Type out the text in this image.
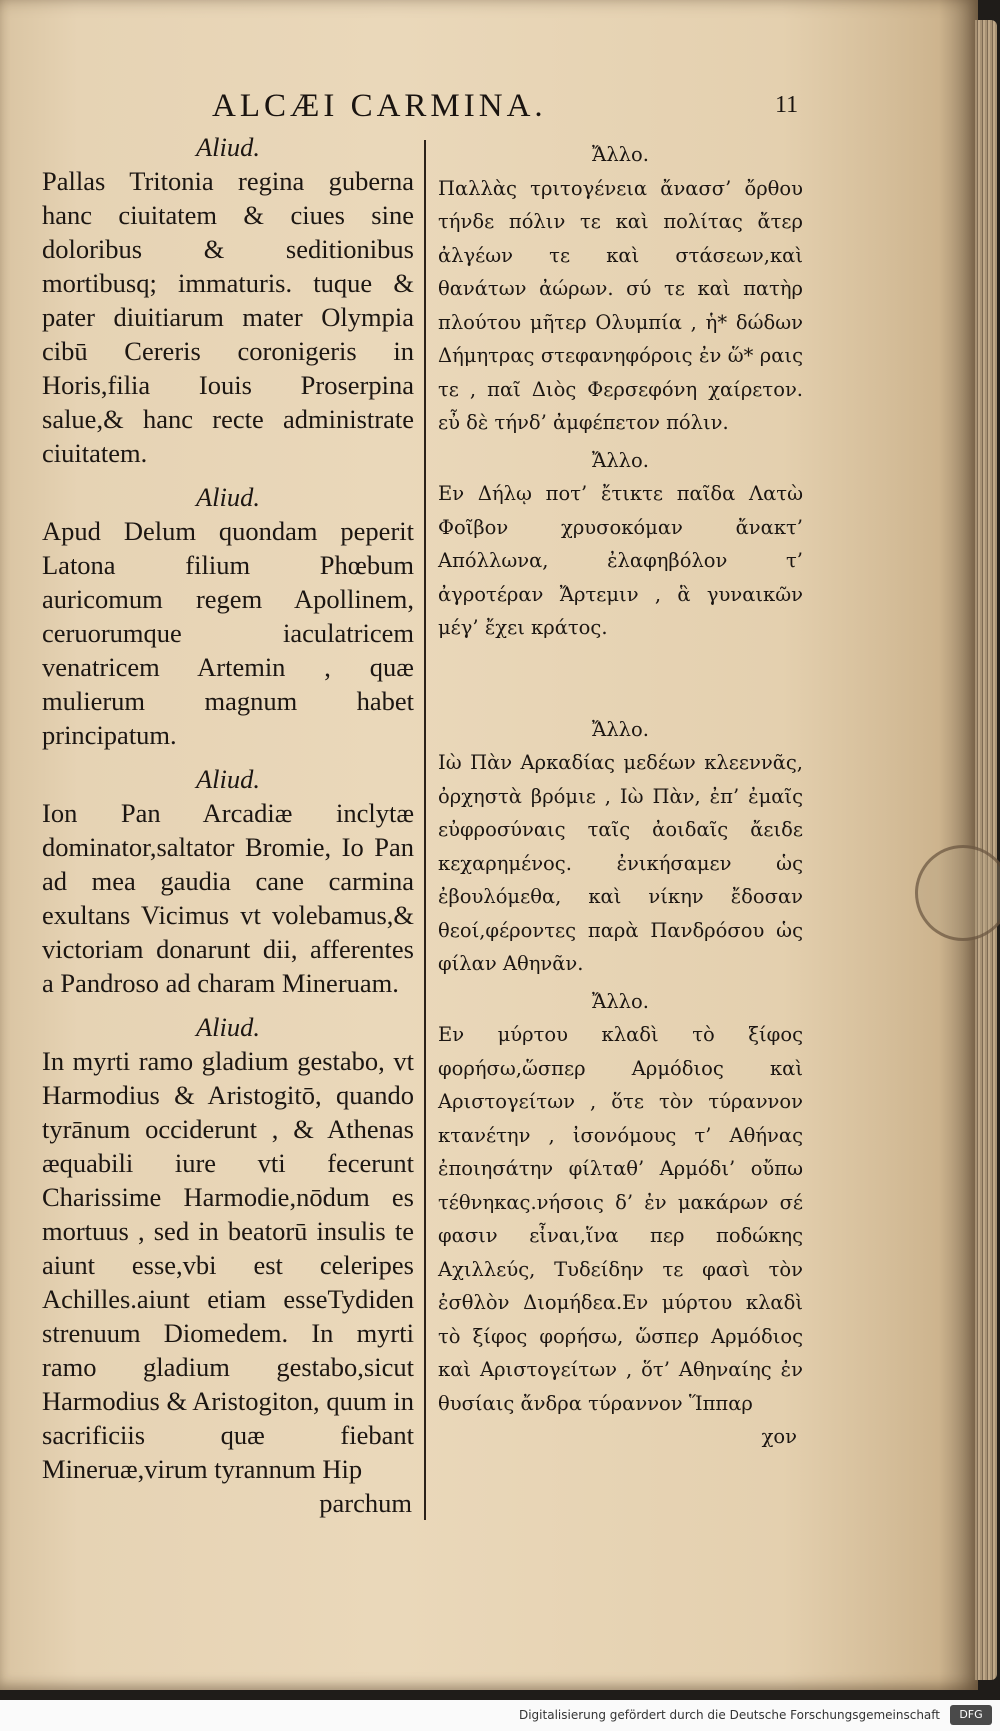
ALCÆI CARMINA.	11
Aliud.
Pallas Tritonia regina guberna hanc ciuitatem & ciues sine doloribus & seditionibus mortibusq; immaturis. tuque & pater diuitiarum mater Olympia cibū Cereris coronigeris in Horis,filia Iouis Proserpina salue,& hanc recte administrate ciuitatem.
Aliud.
Apud Delum quondam peperit Latona filium Phœbum auricomum regem Apollinem, ceruorumque iaculatricem venatricem Artemin , quæ mulierum magnum habet principatum.
Aliud.
Ion Pan Arcadiæ inclytæ dominator,saltator Bromie, Io Pan ad mea gaudia cane carmina exultans Vicimus vt volebamus,& victoriam donarunt dii, afferentes a Pandroso ad charam Mineruam.
Aliud.
In myrti ramo gladium gestabo, vt Harmodius & Aristogitō, quando tyrānum occiderunt , & Athenas æquabili iure vti fecerunt Charissime Harmodie,nōdum es mortuus , sed in beatorū insulis te aiunt esse,vbi est celeripes Achilles.aiunt etiam esseTydiden strenuum Diomedem. In myrti ramo gladium gestabo,sicut Harmodius & Aristogiton, quum in sacrificiis quæ fiebant Mineruæ,virum tyrannum Hip
parchum
Ἄλλο.
Παλλὰς τριτογένεια ἄνασσ’ ὄρθου τήνδε πόλιν τε καὶ πολίτας ἄτερ ἀλγέων τε καὶ στάσεων,καὶ θανάτων ἀώρων. σύ τε καὶ πατὴρ πλούτου μῆτερ Ολυμπία , ἡ* δώδων Δήμητρας στεφανηφόροις ἐν ὥ* ραις τε , παῖ Διὸς Φερσεφόνη χαίρετον. εὖ δὲ τήνδ’ ἀμφέπετον πόλιν.
Ἄλλο.
Εν Δήλῳ ποτ’ ἔτικτε παῖδα Λατὼ Φοῖβον χρυσοκόμαν ἄνακτ’ Απόλλωνα, ἐλαφηβόλον τ’ ἀγροτέραν Ἄρτεμιν , ἃ γυναικῶν μέγ’ ἔχει κράτος.
Ἄλλο.
Ιὼ Πὰν Αρκαδίας μεδέων κλεεννᾶς, ὀρχηστὰ βρόμιε , Ιὼ Πὰν, ἐπ’ ἐμαῖς εὐφροσύναις ταῖς ἀοιδαῖς ἄειδε κεχαρημένος. ἐνικήσαμεν ὡς ἐβουλόμεθα, καὶ νίκην ἔδοσαν θεοί,φέροντες παρὰ Πανδρόσου ὡς φίλαν Αθηνᾶν.
Ἄλλο.
Εν μύρτου κλαδὶ τὸ ξίφος φορήσω,ὥσπερ Αρμόδιος καὶ Αριστογείτων , ὅτε τὸν τύραννον κτανέτην , ἰσονόμους τ’ Αθήνας ἐποιησάτην φίλταθ’ Αρμόδι’ οὔπω τέθνηκας.νήσοις δ’ ἐν μακάρων σέ φασιν εἶναι,ἵνα περ ποδώκης Αχιλλεύς, Τυδείδην τε φασὶ τὸν ἐσθλὸν Διομήδεα.Εν μύρτου κλαδὶ τὸ ξίφος φορήσω, ὥσπερ Αρμόδιος καὶ Αριστογείτων , ὅτ’ Αθηναίης ἐν θυσίαις ἄνδρα τύραννον Ἵππαρ
χον
Digitalisierung gefördert durch die Deutsche Forschungsgemeinschaft	DFG
